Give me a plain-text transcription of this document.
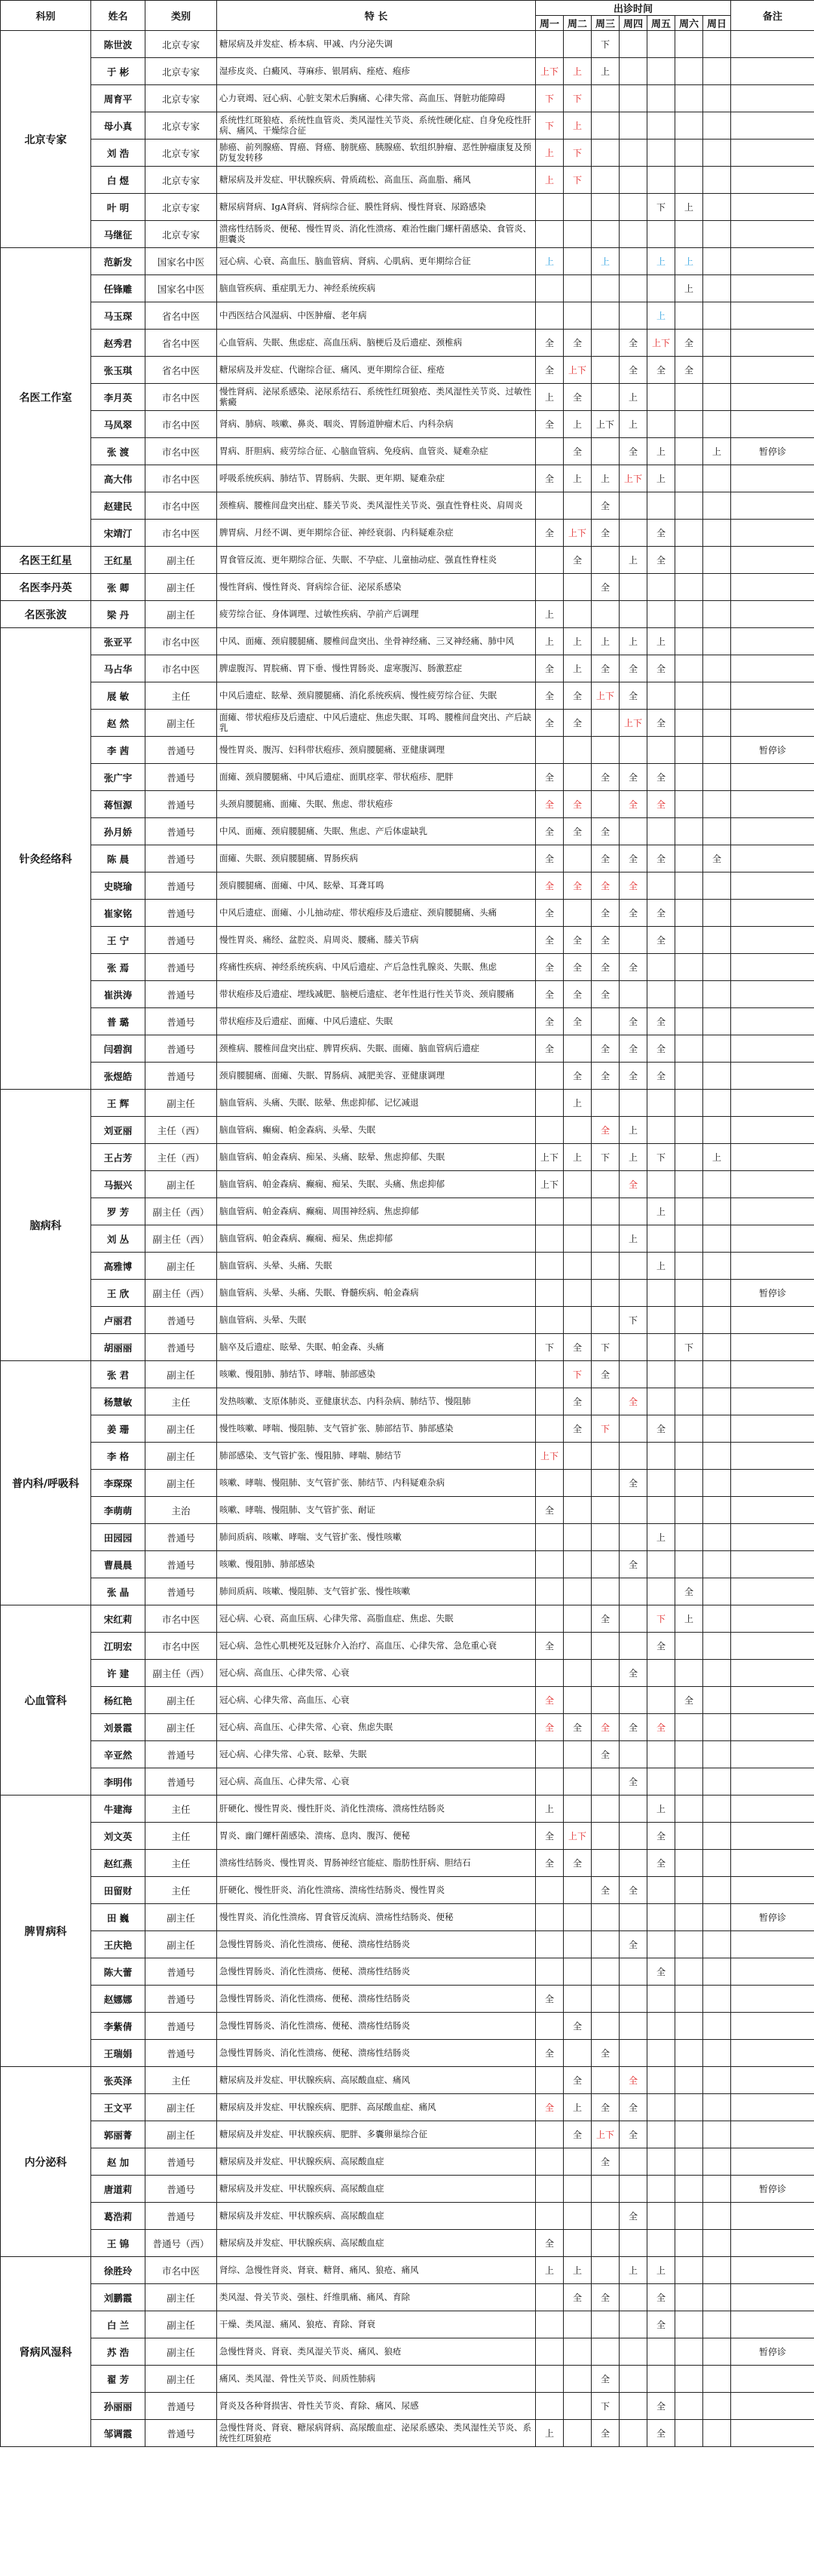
科别	姓名	类别	特 长	出诊时间							备注
				周一	周二	周三	周四	周五	周六	周日	
北京专家	陈世波	北京专家	糖尿病及并发症、桥本病、甲减、内分泌失调			下					
	于 彬	北京专家	湿疹皮炎、白癜风、荨麻疹、银屑病、痤疮、疱疹	上下	上	上					
	周育平	北京专家	心力衰竭、冠心病、心脏支架术后胸痛、心律失常、高血压、肾脏功能障碍	下	下						
	母小真	北京专家	系统性红斑狼疮、系统性血管炎、类风湿性关节炎、系统性硬化症、自身免疫性肝病、痛风、干燥综合征	下	上						
	刘 浩	北京专家	肺癌、前列腺癌、胃癌、肾癌、膀胱癌、胰腺癌、软组织肿瘤、恶性肿瘤康复及预防复发转移	上	下						
	白 煜	北京专家	糖尿病及并发症、甲状腺疾病、骨质疏松、高血压、高血脂、痛风	上	下						
	叶 明	北京专家	糖尿病肾病、IgA肾病、肾病综合征、膜性肾病、慢性肾衰、尿路感染					下	上		
	马继征	北京专家	溃疡性结肠炎、便秘、慢性胃炎、消化性溃疡、难治性幽门螺杆菌感染、食管炎、胆囊炎								
名医工作室	范新发	国家名中医	冠心病、心衰、高血压、脑血管病、肾病、心肌病、更年期综合征	上		上		上	上		
	任锋雕	国家名中医	脑血管疾病、重症肌无力、神经系统疾病						上		
	马玉琛	省名中医	中西医结合风湿病、中医肿瘤、老年病					上			
	赵秀君	省名中医	心血管病、失眠、焦虑症、高血压病、脑梗后及后遗症、颈椎病	全	全		全	上下	全		
	张玉琪	省名中医	糖尿病及并发症、代谢综合征、痛风、更年期综合征、痤疮	全	上下		全	全	全		
	李月英	市名中医	慢性肾病、泌尿系感染、泌尿系结石、系统性红斑狼疮、类风湿性关节炎、过敏性紫癜	上	全		上				
	马凤翠	市名中医	肾病、肺病、咳嗽、鼻炎、咽炎、胃肠道肿瘤术后、内科杂病	全	上	上下	上				
	张 渡	市名中医	胃病、肝胆病、疲劳综合征、心脑血管病、免疫病、血管炎、疑难杂症		全		全	上		上	暂停诊
	高大伟	市名中医	呼吸系统疾病、肺结节、胃肠病、失眠、更年期、疑难杂症	全	上	上	上下	上			
	赵建民	市名中医	颈椎病、腰椎间盘突出症、膝关节炎、类风湿性关节炎、强直性脊柱炎、肩周炎			全					
	宋靖汀	市名中医	脾胃病、月经不调、更年期综合征、神经衰弱、内科疑难杂症	全	上下	全		全			
名医王红星	王红星	副主任	胃食管反流、更年期综合征、失眠、不孕症、儿童抽动症、强直性脊柱炎		全		上	全			
名医李丹英	张 卿	副主任	慢性肾病、慢性肾炎、肾病综合征、泌尿系感染			全					
名医张波	梁 丹	副主任	疲劳综合征、身体调理、过敏性疾病、孕前产后调理	上							
针灸经络科	张亚平	市名中医	中风、面瘫、颈肩腰腿痛、腰椎间盘突出、坐骨神经痛、三叉神经痛、肺中风	上	上	上	上	上			
	马占华	市名中医	脾虚腹泻、胃脘痛、胃下垂、慢性胃肠炎、虚寒腹泻、肠激惹症	全	上	全	全	全			
	展 敏	主任	中风后遗症、眩晕、颈肩腰腿痛、消化系统疾病、慢性疲劳综合征、失眠	全	全	上下	全				
	赵 然	副主任	面瘫、带状疱疹及后遗症、中风后遗症、焦虑失眠、耳鸣、腰椎间盘突出、产后缺乳	全	全		上下	全			
	李 茜	普通号	慢性胃炎、腹泻、妇科带状疱疹、颈肩腰腿痛、亚健康调理								暂停诊
	张广宇	普通号	面瘫、颈肩腰腿痛、中风后遗症、面肌痉挛、带状疱疹、肥胖	全		全	全	全			
	蒋恒源	普通号	头颈肩腰腿痛、面瘫、失眠、焦虑、带状疱疹	全	全		全	全			
	孙月娇	普通号	中风、面瘫、颈肩腰腿痛、失眠、焦虑、产后体虚缺乳	全	全	全					
	陈 晨	普通号	面瘫、失眠、颈肩腰腿痛、胃肠疾病	全		全	全	全		全	
	史晓瑜	普通号	颈肩腰腿痛、面瘫、中风、眩晕、耳聋耳鸣	全	全	全	全				
	崔家铭	普通号	中风后遗症、面瘫、小儿抽动症、带状疱疹及后遗症、颈肩腰腿痛、头痛	全		全	全	全			
	王 宁	普通号	慢性胃炎、痛经、盆腔炎、肩周炎、腰痛、膝关节病	全	全	全		全			
	张 焉	普通号	疼痛性疾病、神经系统疾病、中风后遗症、产后急性乳腺炎、失眠、焦虑	全	全	全	全				
	崔洪涛	普通号	带状疱疹及后遗症、埋线减肥、脑梗后遗症、老年性退行性关节炎、颈肩腰痛	全	全	全					
	普 璐	普通号	带状疱疹及后遗症、面瘫、中风后遗症、失眠	全	全		全	全			
	闫碧润	普通号	颈椎病、腰椎间盘突出症、脾胃疾病、失眠、面瘫、脑血管病后遗症	全		全	全	全			
	张煜皓	普通号	颈肩腰腿痛、面瘫、失眠、胃肠病、减肥美容、亚健康调理		全	全	全	全			
脑病科	王 辉	副主任	脑血管病、头痛、失眠、眩晕、焦虑抑郁、记忆减退		上						
	刘亚丽	主任（西）	脑血管病、癫痫、帕金森病、头晕、失眠			全	上				
	王占芳	主任（西）	脑血管病、帕金森病、痴呆、头痛、眩晕、焦虑抑郁、失眠	上下	上	下	上	下		上	
	马振兴	副主任	脑血管病、帕金森病、癫痫、痴呆、失眠、头痛、焦虑抑郁	上下			全				
	罗 芳	副主任（西）	脑血管病、帕金森病、癫痫、周围神经病、焦虑抑郁					上			
	刘 丛	副主任（西）	脑血管病、帕金森病、癫痫、痴呆、焦虑抑郁				上				
	高雅博	副主任	脑血管病、头晕、头痛、失眠					上			
	王 欣	副主任（西）	脑血管病、头晕、头痛、失眠、脊髓疾病、帕金森病								暂停诊
	卢丽君	普通号	脑血管病、头晕、失眠				下				
	胡丽丽	普通号	脑卒及后遗症、眩晕、失眠、帕金森、头痛	下	全	下			下		
普内科/呼吸科	张 君	副主任	咳嗽、慢阻肺、肺结节、哮喘、肺部感染		下	全					
	杨慧敏	主任	发热咳嗽、支原体肺炎、亚健康状态、内科杂病、肺结节、慢阻肺		全		全				
	姜 珊	副主任	慢性咳嗽、哮喘、慢阻肺、支气管扩张、肺部结节、肺部感染		全	下		全			
	李 格	副主任	肺部感染、支气管扩张、慢阻肺、哮喘、肺结节	上下							
	李琛琛	副主任	咳嗽、哮喘、慢阻肺、支气管扩张、肺结节、内科疑难杂病				全				
	李萌萌	主治	咳嗽、哮喘、慢阻肺、支气管扩张、耐证	全							
	田园园	普通号	肺间质病、咳嗽、哮喘、支气管扩张、慢性咳嗽					上			
	曹晨晨	普通号	咳嗽、慢阻肺、肺部感染				全				
	张 晶	普通号	肺间质病、咳嗽、慢阻肺、支气管扩张、慢性咳嗽						全		
心血管科	宋红莉	市名中医	冠心病、心衰、高血压病、心律失常、高脂血症、焦虑、失眠			全		下	上		
	江明宏	市名中医	冠心病、急性心肌梗死及冠脉介入治疗、高血压、心律失常、急危重心衰	全				全			
	许 建	副主任（西）	冠心病、高血压、心律失常、心衰				全				
	杨红艳	副主任	冠心病、心律失常、高血压、心衰	全					全		
	刘景霞	副主任	冠心病、高血压、心律失常、心衰、焦虑失眠	全	全	全	全	全			
	辛亚然	普通号	冠心病、心律失常、心衰、眩晕、失眠			全					
	李明伟	普通号	冠心病、高血压、心律失常、心衰				全				
脾胃病科	牛建海	主任	肝硬化、慢性胃炎、慢性肝炎、消化性溃疡、溃疡性结肠炎	上				上			
	刘文英	主任	胃炎、幽门螺杆菌感染、溃疡、息肉、腹泻、便秘	全	上下			全			
	赵红燕	主任	溃疡性结肠炎、慢性胃炎、胃肠神经官能症、脂肪性肝病、胆结石	全	全			全			
	田留财	主任	肝硬化、慢性肝炎、消化性溃疡、溃疡性结肠炎、慢性胃炎			全	全				
	田 巍	副主任	慢性胃炎、消化性溃疡、胃食管反流病、溃疡性结肠炎、便秘								暂停诊
	王庆艳	副主任	急慢性胃肠炎、消化性溃疡、便秘、溃疡性结肠炎				全				
	陈大蕾	普通号	急慢性胃肠炎、消化性溃疡、便秘、溃疡性结肠炎					全			
	赵娜娜	普通号	急慢性胃肠炎、消化性溃疡、便秘、溃疡性结肠炎	全							
	李紫倩	普通号	急慢性胃肠炎、消化性溃疡、便秘、溃疡性结肠炎		全						
	王瑞娟	普通号	急慢性胃肠炎、消化性溃疡、便秘、溃疡性结肠炎	全		全					
内分泌科	张英泽	主任	糖尿病及并发症、甲状腺疾病、高尿酸血症、痛风		全		全				
	王文平	副主任	糖尿病及并发症、甲状腺疾病、肥胖、高尿酸血症、痛风	全	上	全	全				
	郭丽菁	副主任	糖尿病及并发症、甲状腺疾病、肥胖、多囊卵巢综合征		全	上下	全				
	赵 加	普通号	糖尿病及并发症、甲状腺疾病、高尿酸血症			全					
	唐道莉	普通号	糖尿病及并发症、甲状腺疾病、高尿酸血症								暂停诊
	葛浩莉	普通号	糖尿病及并发症、甲状腺疾病、高尿酸血症				全				
	王 锦	普通号（西）	糖尿病及并发症、甲状腺疾病、高尿酸血症	全							
肾病风湿科	徐胜玲	市名中医	肾综、急慢性肾炎、肾衰、糖肾、痛风、狼疮、痛风	上	上		上	上			
	刘鹏霞	副主任	类风湿、骨关节炎、强柱、纤维肌痛、痛风、育除		全	全		全			
	白 兰	副主任	干燥、类风湿、痛风、狼疮、育除、肾衰					全			
	苏 浩	副主任	急慢性肾炎、肾衰、类风湿关节炎、痛风、狼疮								暂停诊
	翟 芳	副主任	痛风、类风湿、骨性关节炎、间质性肺病			全					
	孙丽丽	普通号	肾炎及各种肾损害、骨性关节炎、育除、痛风、尿感			下		全			
	邹调霞	普通号	急慢性肾炎、肾衰、糖尿病肾病、高尿酸血症、泌尿系感染、类风湿性关节炎、系统性红斑狼疮	上		全		全			
